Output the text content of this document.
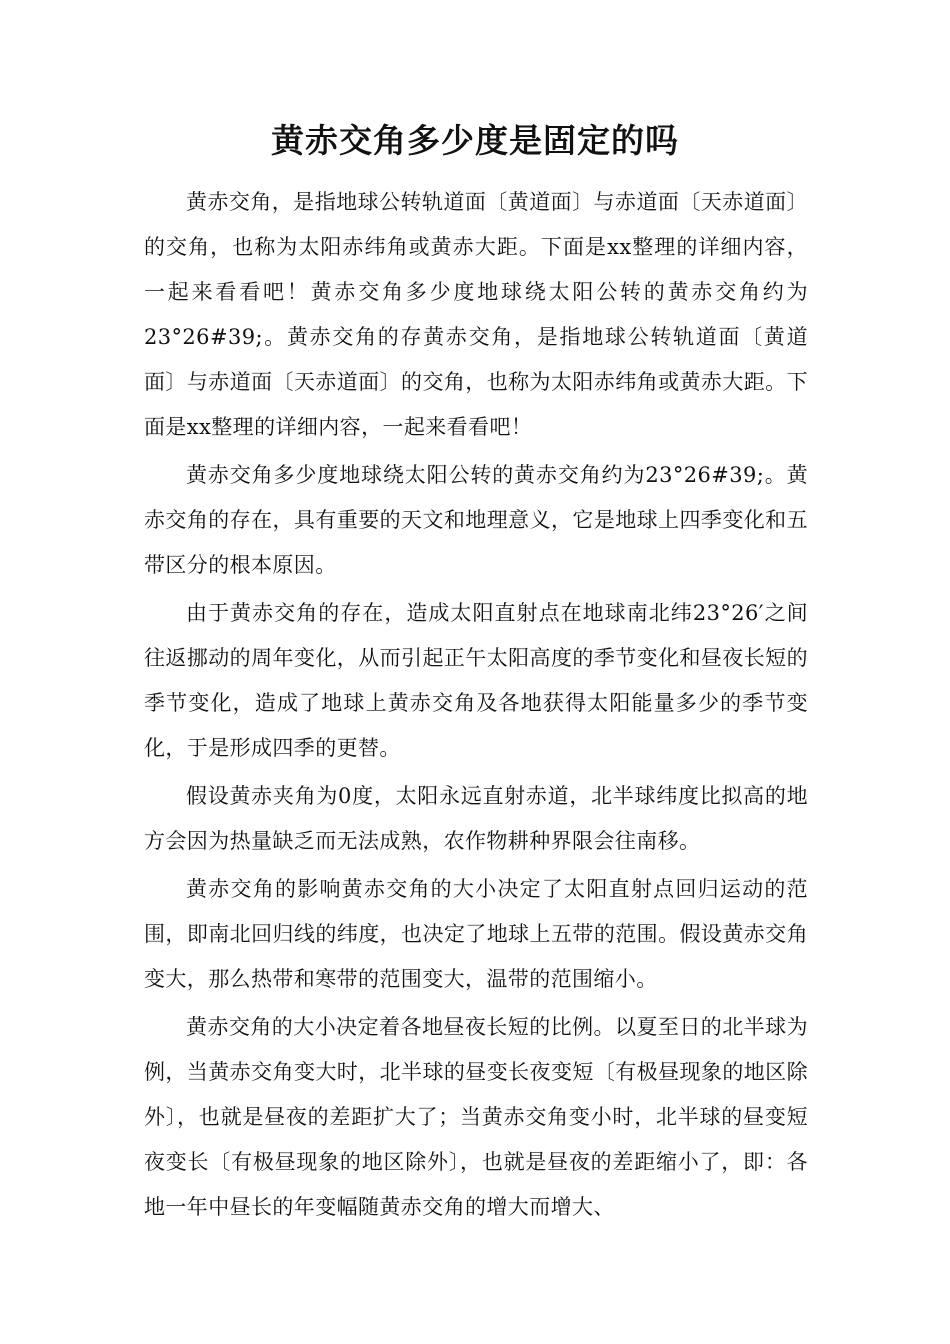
黄赤交角多少度是固定的吗

黄赤交角，是指地球公转轨道面〔黄道面〕与赤道面〔天赤道面〕的交角，也称为太阳赤纬角或黄赤大距。下面是xx整理的详细内容，一起来看看吧！黄赤交角多少度地球绕太阳公转的黄赤交角约为23°26#39;。黄赤交角的存黄赤交角，是指地球公转轨道面〔黄道面〕与赤道面〔天赤道面〕的交角，也称为太阳赤纬角或黄赤大距。下面是xx整理的详细内容，一起来看看吧！

黄赤交角多少度地球绕太阳公转的黄赤交角约为23°26#39;。黄赤交角的存在，具有重要的天文和地理意义，它是地球上四季变化和五带区分的根本原因。

由于黄赤交角的存在，造成太阳直射点在地球南北纬23°26′之间往返挪动的周年变化，从而引起正午太阳高度的季节变化和昼夜长短的季节变化，造成了地球上黄赤交角及各地获得太阳能量多少的季节变化，于是形成四季的更替。

假设黄赤夹角为0度，太阳永远直射赤道，北半球纬度比拟高的地方会因为热量缺乏而无法成熟，农作物耕种界限会往南移。

黄赤交角的影响黄赤交角的大小决定了太阳直射点回归运动的范围，即南北回归线的纬度，也决定了地球上五带的范围。假设黄赤交角变大，那么热带和寒带的范围变大，温带的范围缩小。

黄赤交角的大小决定着各地昼夜长短的比例。以夏至日的北半球为例，当黄赤交角变大时，北半球的昼变长夜变短〔有极昼现象的地区除外〕，也就是昼夜的差距扩大了；当黄赤交角变小时，北半球的昼变短夜变长〔有极昼现象的地区除外〕，也就是昼夜的差距缩小了，即：各地一年中昼长的年变幅随黄赤交角的增大而增大、
